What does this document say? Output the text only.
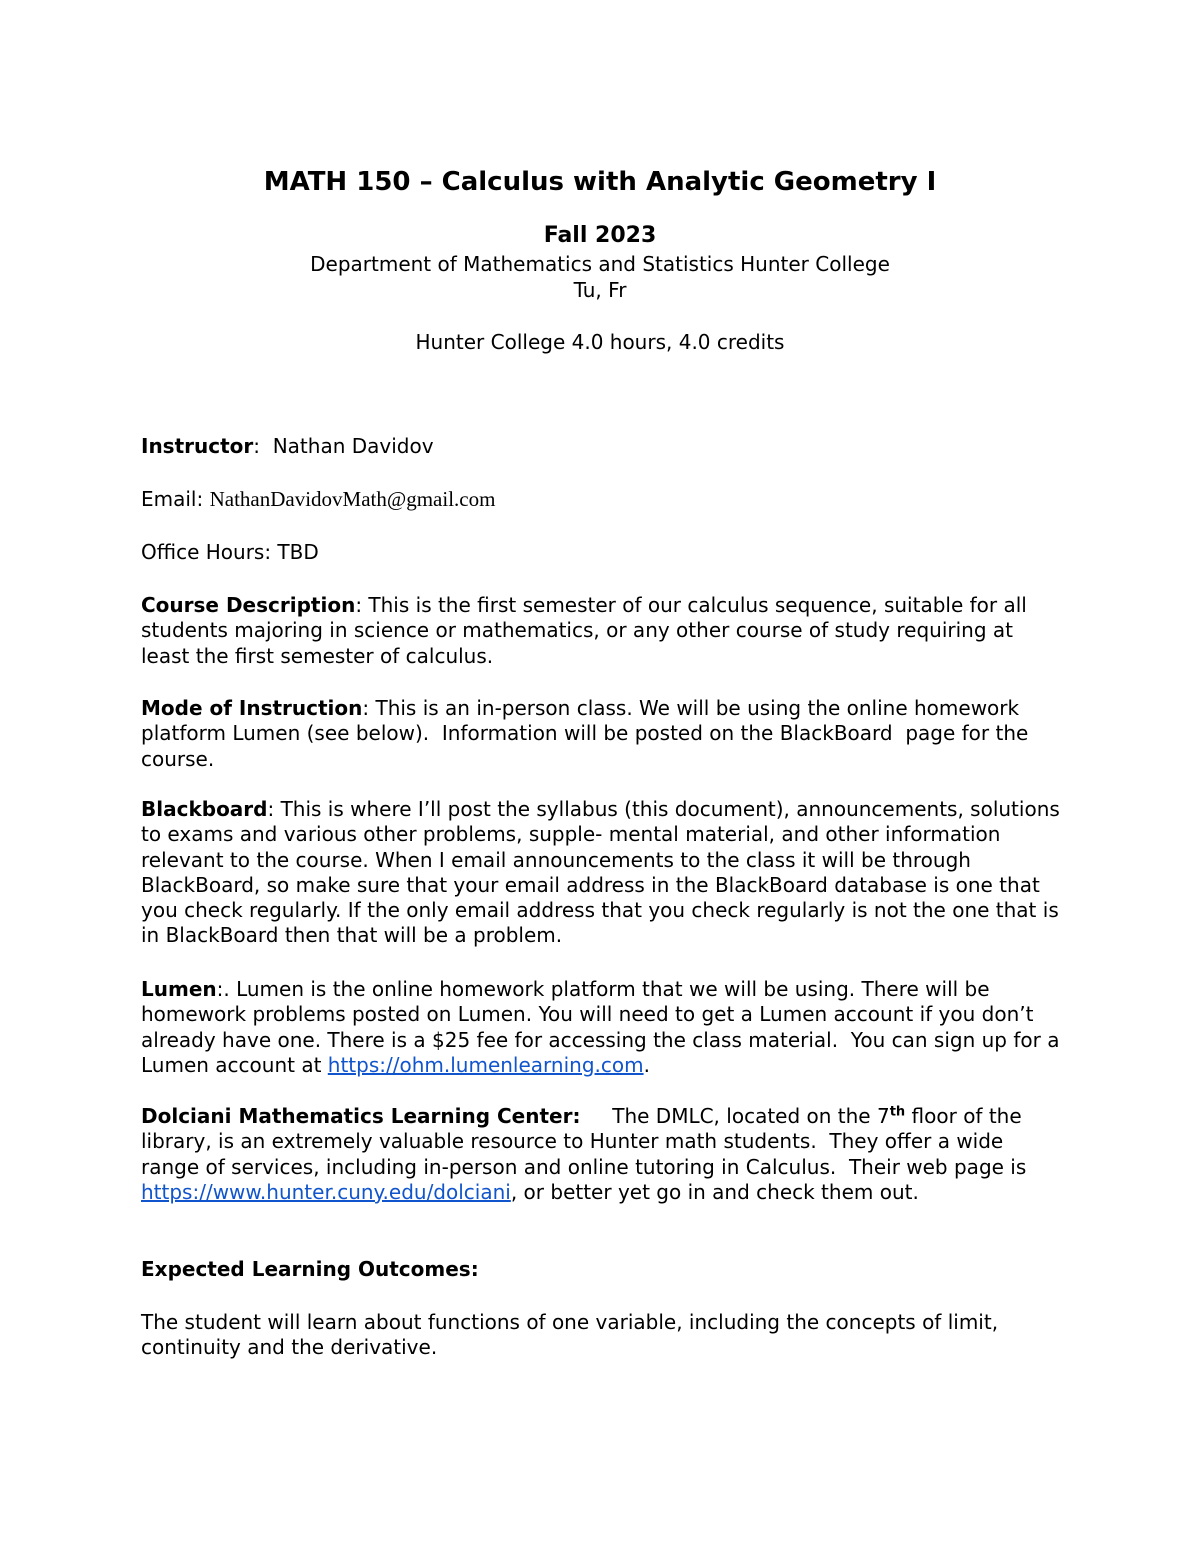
MATH 150 – Calculus with Analytic Geometry I
Fall 2023
Department of Mathematics and Statistics Hunter College
Tu, Fr
Hunter College 4.0 hours, 4.0 credits
Instructor:  Nathan Davidov
Email: NathanDavidovMath@gmail.com
Office Hours: TBD
Course Description: This is the first semester of our calculus sequence, suitable for all students majoring in science or mathematics, or any other course of study requiring at least the first semester of calculus.
Mode of Instruction: This is an in-person class. We will be using the online homework platform Lumen (see below).  Information will be posted on the BlackBoard  page for the course.
Blackboard: This is where I’ll post the syllabus (this document), announcements, solutions to exams and various other problems, supple- mental material, and other information relevant to the course. When I email announcements to the class it will be through BlackBoard, so make sure that your email address in the BlackBoard database is one that you check regularly. If the only email address that you check regularly is not the one that is in BlackBoard then that will be a problem.
Lumen:. Lumen is the online homework platform that we will be using. There will be homework problems posted on Lumen. You will need to get a Lumen account if you don’t already have one. There is a $25 fee for accessing the class material.  You can sign up for a Lumen account at https://ohm.lumenlearning.com.
Dolciani Mathematics Learning Center:     The DMLC, located on the 7th floor of the library, is an extremely valuable resource to Hunter math students.  They offer a wide range of services, including in-person and online tutoring in Calculus.  Their web page is https://www.hunter.cuny.edu/dolciani, or better yet go in and check them out.
Expected Learning Outcomes:
The student will learn about functions of one variable, including the concepts of limit, continuity and the derivative.
